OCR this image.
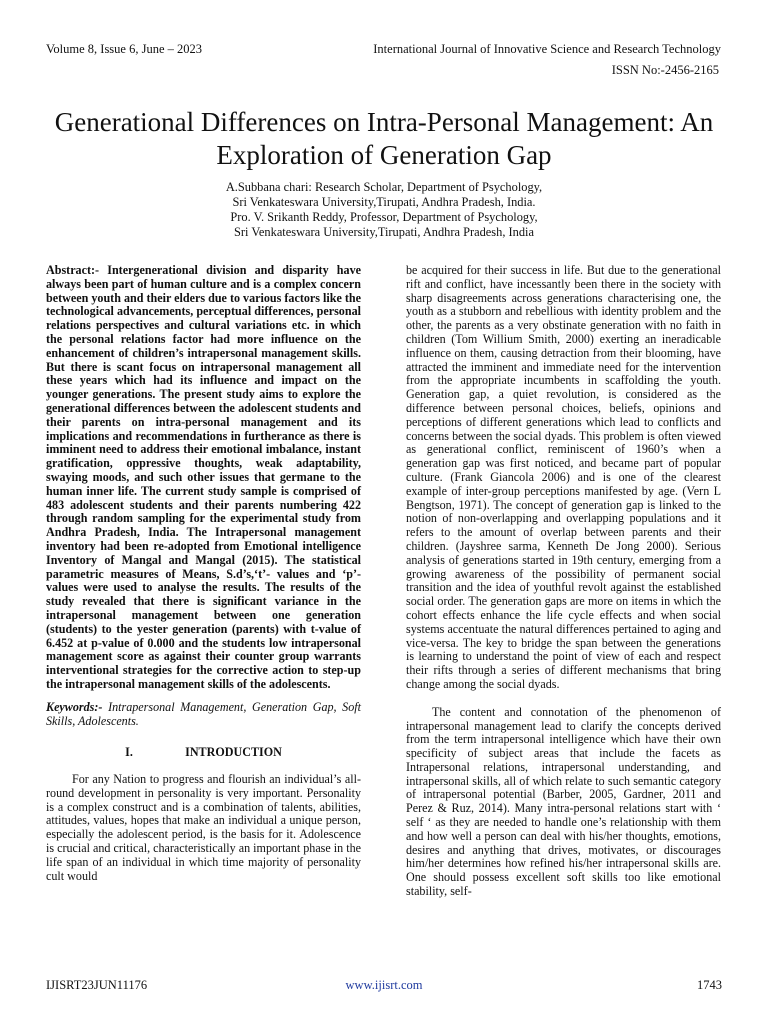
Volume 8, Issue 6, June – 2023	International Journal of Innovative Science and Research Technology
ISSN No:-2456-2165
Generational Differences on Intra-Personal Management: An Exploration of Generation Gap
A.Subbana chari: Research Scholar, Department of Psychology,
Sri Venkateswara University,Tirupati, Andhra Pradesh, India.
Pro. V. Srikanth Reddy, Professor, Department of Psychology,
Sri Venkateswara University,Tirupati, Andhra Pradesh, India

Abstract:- Intergenerational division and disparity have always been part of human culture and is a complex concern between youth and their elders due to various factors like the technological advancements, perceptual differences, personal relations perspectives and cultural variations etc. in which the personal relations factor had more influence on the enhancement of children’s intrapersonal management skills. But there is scant focus on intrapersonal management all these years which had its influence and impact on the younger generations. The present study aims to explore the generational differences between the adolescent students and their parents on intra-personal management and its implications and recommendations in furtherance as there is imminent need to address their emotional imbalance, instant gratification, oppressive thoughts, weak adaptability, swaying moods, and such other issues that germane to the human inner life. The current study sample is comprised of 483 adolescent students and their parents numbering 422 through random sampling for the experimental study from Andhra Pradesh, India. The Intrapersonal management inventory had been re-adopted from Emotional intelligence Inventory of Mangal and Mangal (2015). The statistical parametric measures of Means, S.d’s,‘t’- values and ‘p’- values were used to analyse the results. The results of the study revealed that there is significant variance in the intrapersonal management between one generation (students) to the yester generation (parents) with t-value of 6.452 at p-value of 0.000 and the students low intrapersonal management score as against their counter group warrants interventional strategies for the corrective action to step-up the intrapersonal management skills of the adolescents.

Keywords:- Intrapersonal Management, Generation Gap, Soft Skills, Adolescents.

I.	INTRODUCTION

For any Nation to progress and flourish an individual’s all-round development in personality is very important. Personality is a complex construct and is a combination of talents, abilities, attitudes, values, hopes that make an individual a unique person, especially the adolescent period, is the basis for it. Adolescence is crucial and critical, characteristically an important phase in the life span of an individual in which time majority of personality cult would

be acquired for their success in life. But due to the generational rift and conflict, have incessantly been there in the society with sharp disagreements across generations characterising one, the youth as a stubborn and rebellious with identity problem and the other, the parents as a very obstinate generation with no faith in children (Tom Willium Smith, 2000) exerting an ineradicable influence on them, causing detraction from their blooming, have attracted the imminent and immediate need for the intervention from the appropriate incumbents in scaffolding the youth. Generation gap, a quiet revolution, is considered as the difference between personal choices, beliefs, opinions and perceptions of different generations which lead to conflicts and concerns between the social dyads. This problem is often viewed as generational conflict, reminiscent of 1960’s when a generation gap was first noticed, and became part of popular culture. (Frank Giancola 2006) and is one of the clearest example of inter-group perceptions manifested by age. (Vern L Bengtson, 1971). The concept of generation gap is linked to the notion of non-overlapping and overlapping populations and it refers to the amount of overlap between parents and their children. (Jayshree sarma, Kenneth De Jong 2000). Serious analysis of generations started in 19th century, emerging from a growing awareness of the possibility of permanent social transition and the idea of youthful revolt against the established social order. The generation gaps are more on items in which the cohort effects enhance the life cycle effects and when social systems accentuate the natural differences pertained to aging and vice-versa. The key to bridge the span between the generations is learning to understand the point of view of each and respect their rifts through a series of different mechanisms that bring change among the social dyads.

The content and connotation of the phenomenon of intrapersonal management lead to clarify the concepts derived from the term intrapersonal intelligence which have their own specificity of subject areas that include the facets as Intrapersonal relations, intrapersonal understanding, and intrapersonal skills, all of which relate to such semantic category of intrapersonal potential (Barber, 2005, Gardner, 2011 and Perez & Ruz, 2014). Many intra-personal relations start with ‘ self ‘ as they are needed to handle one’s relationship with them and how well a person can deal with his/her thoughts, emotions, desires and anything that drives, motivates, or discourages him/her determines how refined his/her intrapersonal skills are. One should possess excellent soft skills too like emotional stability, self-

IJISRT23JUN11176	www.ijisrt.com	1743
